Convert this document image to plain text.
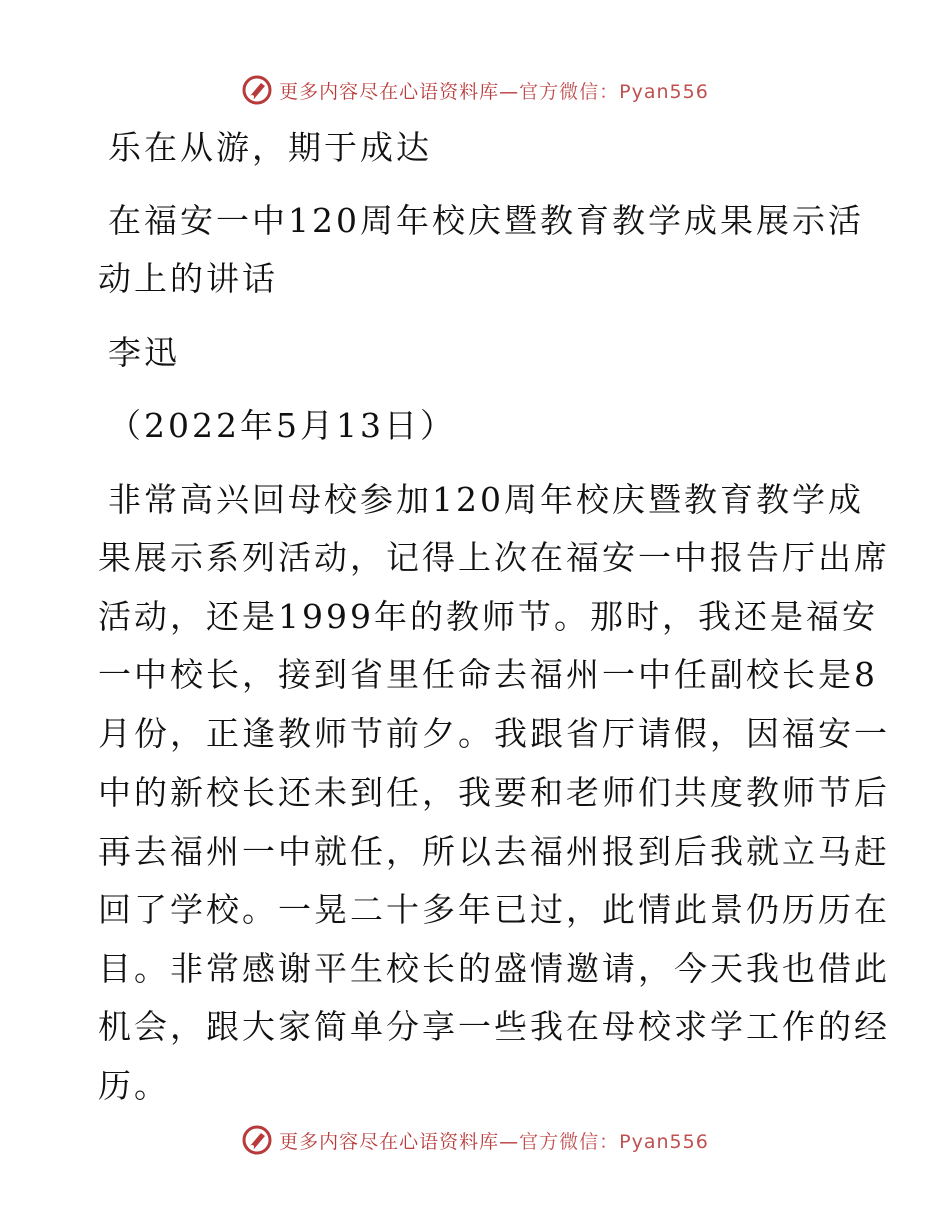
更多内容尽在心语资料库— 官方微信：Pyan556
乐在从游，期于成达
在福安一中120周年校庆暨教育教学成果展示活
动上的讲话
李迅
（2022年5月13日）
非常高兴回母校参加120周年校庆暨教育教学成
果展示系列活动，记得上次在福安一中报告厅出席
活动，还是1999年的教师节。那时，我还是福安
一中校长，接到省里任命去福州一中任副校长是8
月份，正逢教师节前夕。我跟省厅请假，因福安一
中的新校长还未到任，我要和老师们共度教师节后
再去福州一中就任，所以去福州报到后我就立马赶
回了学校。一晃二十多年已过，此情此景仍历历在
目。非常感谢平生校长的盛情邀请，今天我也借此
机会，跟大家简单分享一些我在母校求学工作的经
历。
更多内容尽在心语资料库— 官方微信：Pyan556
